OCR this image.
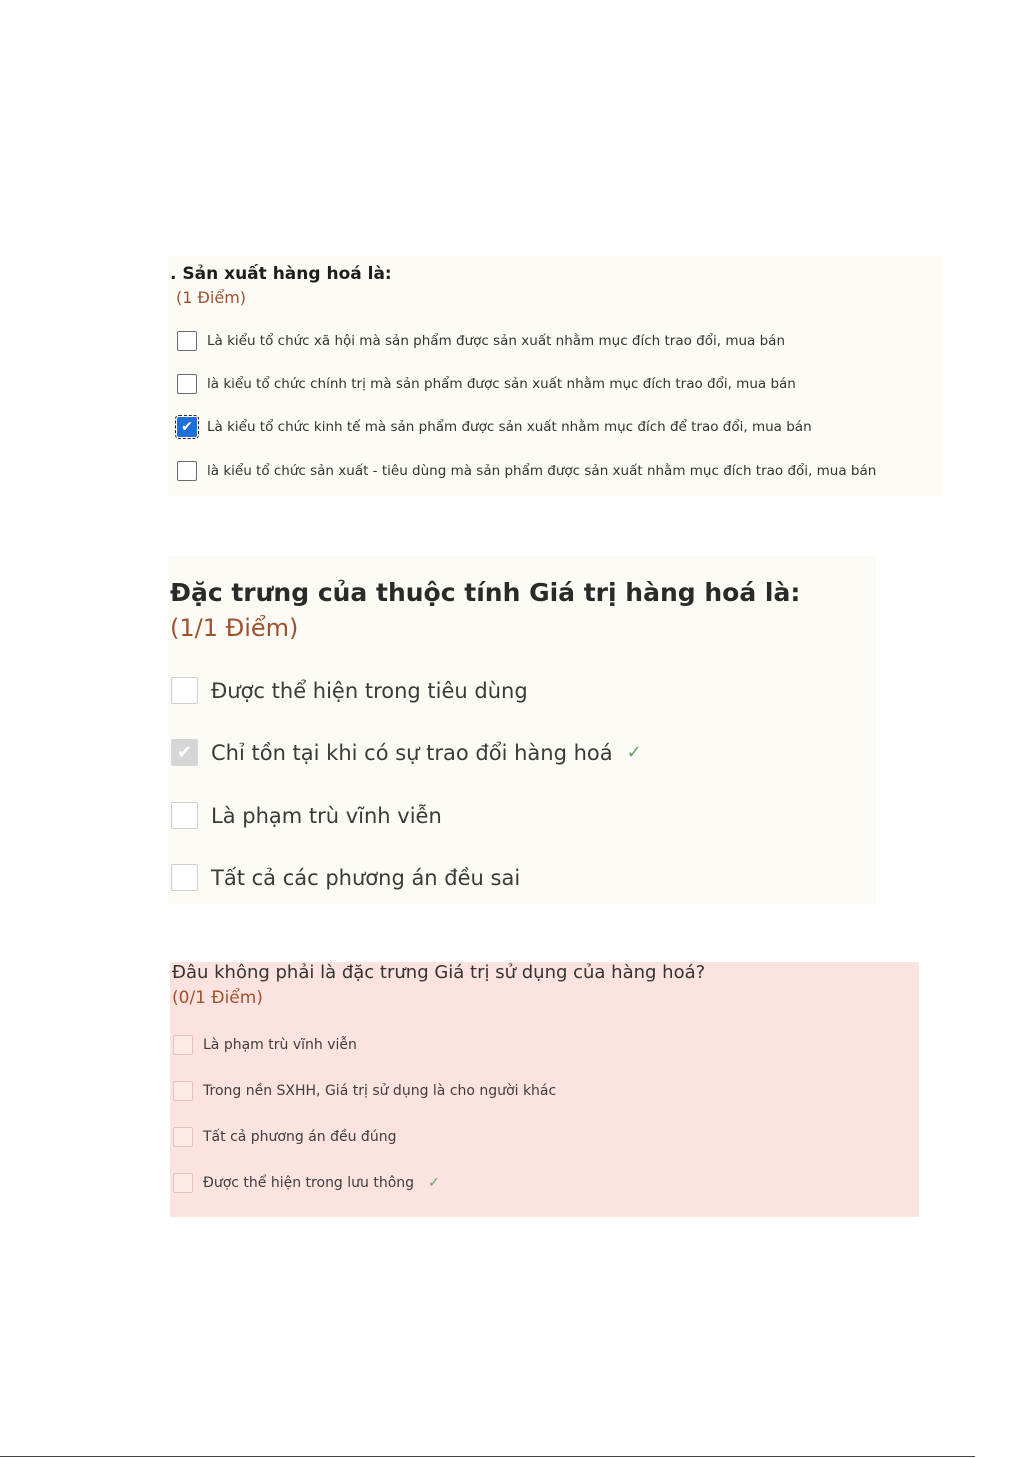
. Sản xuất hàng hoá là:
(1 Điểm)
Là kiểu tổ chức xã hội mà sản phẩm được sản xuất nhằm mục đích trao đổi, mua bán
là kiểu tổ chức chính trị mà sản phẩm được sản xuất nhằm mục đích trao đổi, mua bán
✔
Là kiểu tổ chức kinh tế mà sản phẩm được sản xuất nhằm mục đích để trao đổi, mua bán
là kiểu tổ chức sản xuất - tiêu dùng mà sản phẩm được sản xuất nhằm mục đích trao đổi, mua bán
Đặc trưng của thuộc tính Giá trị hàng hoá là:
(1/1 Điểm)
Được thể hiện trong tiêu dùng
✔
Chỉ tồn tại khi có sự trao đổi hàng hoá ✓
Là phạm trù vĩnh viễn
Tất cả các phương án đều sai
Đâu không phải là đặc trưng Giá trị sử dụng của hàng hoá?
(0/1 Điểm)
Là phạm trù vĩnh viễn
Trong nền SXHH, Giá trị sử dụng là cho người khác
Tất cả phương án đều đúng
Được thể hiện trong lưu thông ✓
